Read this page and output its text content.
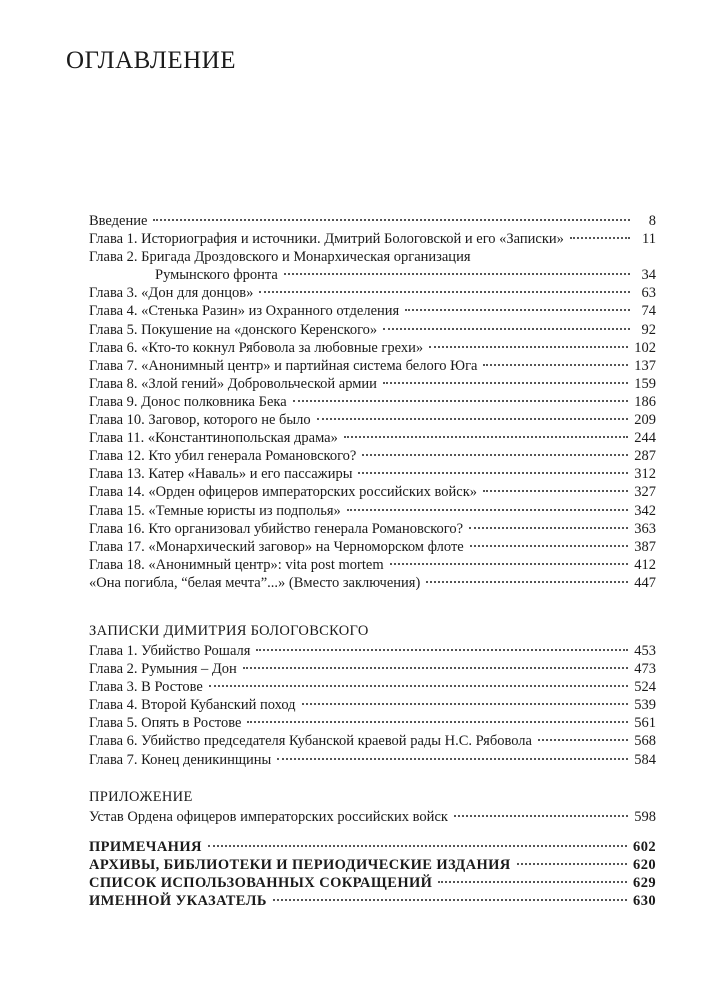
ОГЛАВЛЕНИЕ
Введение	8
Глава 1. Историография и источники. Дмитрий Бологовской и его «Записки»	11
Глава 2. Бригада Дроздовского и Монархическая организация
Румынского фронта	34
Глава 3. «Дон для донцов»	63
Глава 4. «Стенька Разин» из Охранного отделения	74
Глава 5. Покушение на «донского Керенского»	92
Глава 6. «Кто-то кокнул Рябовола за любовные грехи»	102
Глава 7. «Анонимный центр» и партийная система белого Юга	137
Глава 8. «Злой гений» Добровольческой армии	159
Глава 9. Донос полковника Бека	186
Глава 10. Заговор, которого не было	209
Глава 11. «Константинопольская драма»	244
Глава 12. Кто убил генерала Романовского?	287
Глава 13. Катер «Наваль» и его пассажиры	312
Глава 14. «Орден офицеров императорских российских войск»	327
Глава 15. «Темные юристы из подполья»	342
Глава 16. Кто организовал убийство генерала Романовского?	363
Глава 17. «Монархический заговор» на Черноморском флоте	387
Глава 18. «Анонимный центр»: vita post mortem	412
«Она погибла, “белая мечта”...» (Вместо заключения)	447
ЗАПИСКИ ДИМИТРИЯ БОЛОГОВСКОГО
Глава 1. Убийство Рошаля	453
Глава 2. Румыния – Дон	473
Глава 3. В Ростове	524
Глава 4. Второй Кубанский поход	539
Глава 5. Опять в Ростове	561
Глава 6. Убийство председателя Кубанской краевой рады Н.С. Рябовола	568
Глава 7. Конец деникинщины	584
ПРИЛОЖЕНИЕ
Устав Ордена офицеров императорских российских войск	598
ПРИМЕЧАНИЯ	602
АРХИВЫ, БИБЛИОТЕКИ И ПЕРИОДИЧЕСКИЕ ИЗДАНИЯ	620
СПИСОК ИСПОЛЬЗОВАННЫХ СОКРАЩЕНИЙ	629
ИМЕННОЙ УКАЗАТЕЛЬ	630
